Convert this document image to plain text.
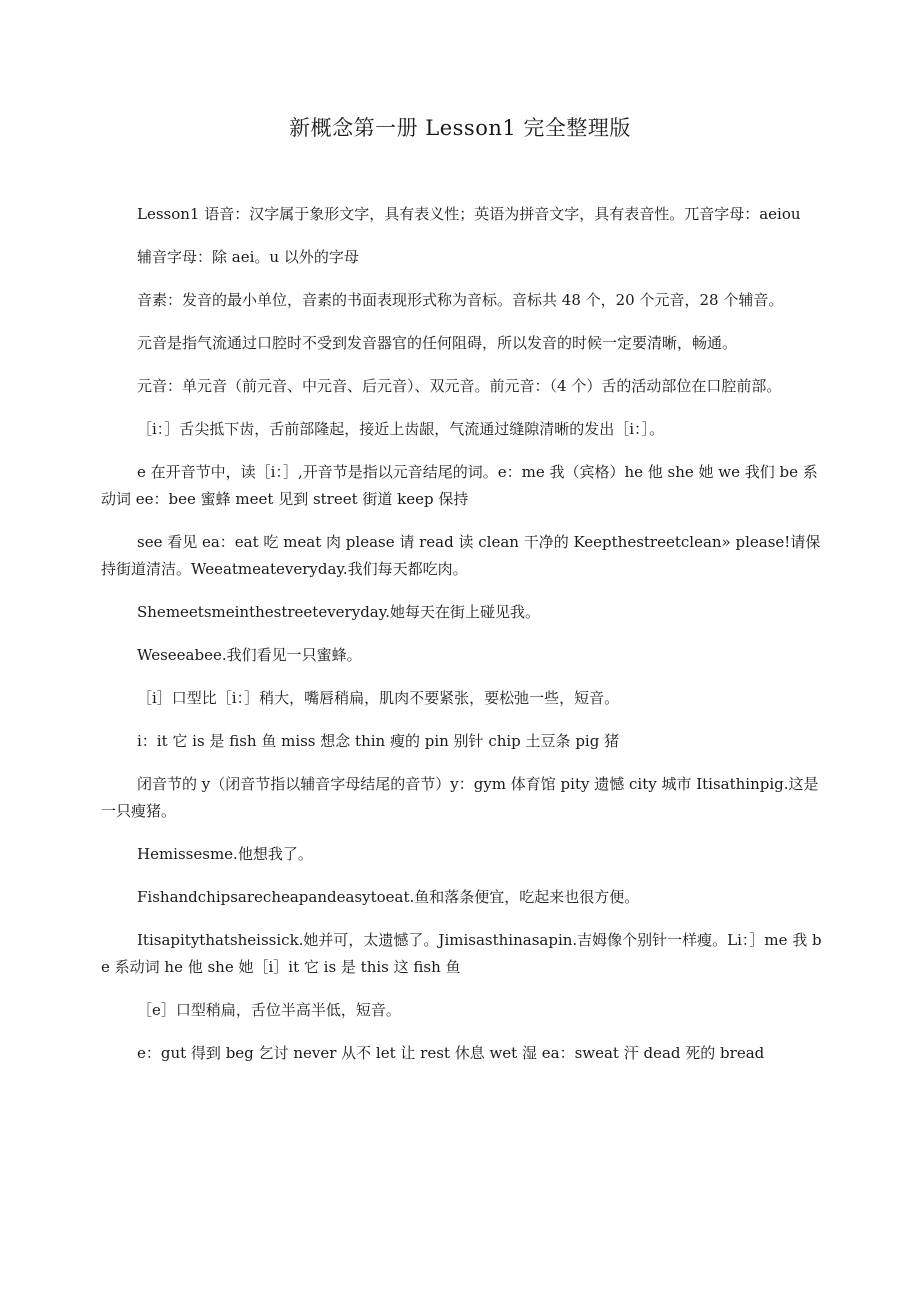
新概念第一册 Lesson1 完全整理版

Lesson1 语音：汉字属于象形文字，具有表义性；英语为拼音文字，具有表音性。兀音字母：aeiou

辅音字母：除 aei。u 以外的字母

音素：发音的最小单位，音素的书面表现形式称为音标。音标共 48 个，20 个元音，28 个辅音。

元音是指气流通过口腔时不受到发音器官的任何阻碍，所以发音的时候一定要清晰，畅通。

元音：单元音（前元音、中元音、后元音）、双元音。前元音：（4 个）舌的活动部位在口腔前部。

［i：］舌尖抵下齿，舌前部隆起，接近上齿龈，气流通过缝隙清晰的发出［i：］。

e 在开音节中，读［i：］,开音节是指以元音结尾的词。e：me 我（宾格）he 他 she 她 we 我们 be 系动词 ee：bee 蜜蜂 meet 见到 street 街道 keep 保持

see 看见 ea：eat 吃 meat 肉 please 请 read 读 clean 干净的 Keepthestreetclean» please!请保持街道清洁。Weeatmeateveryday.我们每天都吃肉。

Shemeetsmeinthestreeteveryday.她每天在街上碰见我。

Weseeabee.我们看见一只蜜蜂。

［i］口型比［i：］稍大，嘴唇稍扁，肌肉不要紧张，要松弛一些，短音。

i：it 它 is 是 fish 鱼 miss 想念 thin 瘦的 pin 别针 chip 土豆条 pig 猪

闭音节的 y（闭音节指以辅音字母结尾的音节）y：gym 体育馆 pity 遗憾 city 城市 Itisathinpig.这是一只瘦猪。

Hemissesme.他想我了。

Fishandchipsarecheapandeasytoeat.鱼和落条便宜，吃起来也很方便。

Itisapitythatsheissick.她并可，太遗憾了。Jimisasthinasapin.吉姆像个别针一样瘦。Li：］me 我 be 系动词 he 他 she 她［i］it 它 is 是 this 这 fish 鱼

［e］口型稍扁，舌位半高半低，短音。

e：gut 得到 beg 乞讨 never 从不 let 让 rest 休息 wet 湿 ea：sweat 汗 dead 死的 bread
